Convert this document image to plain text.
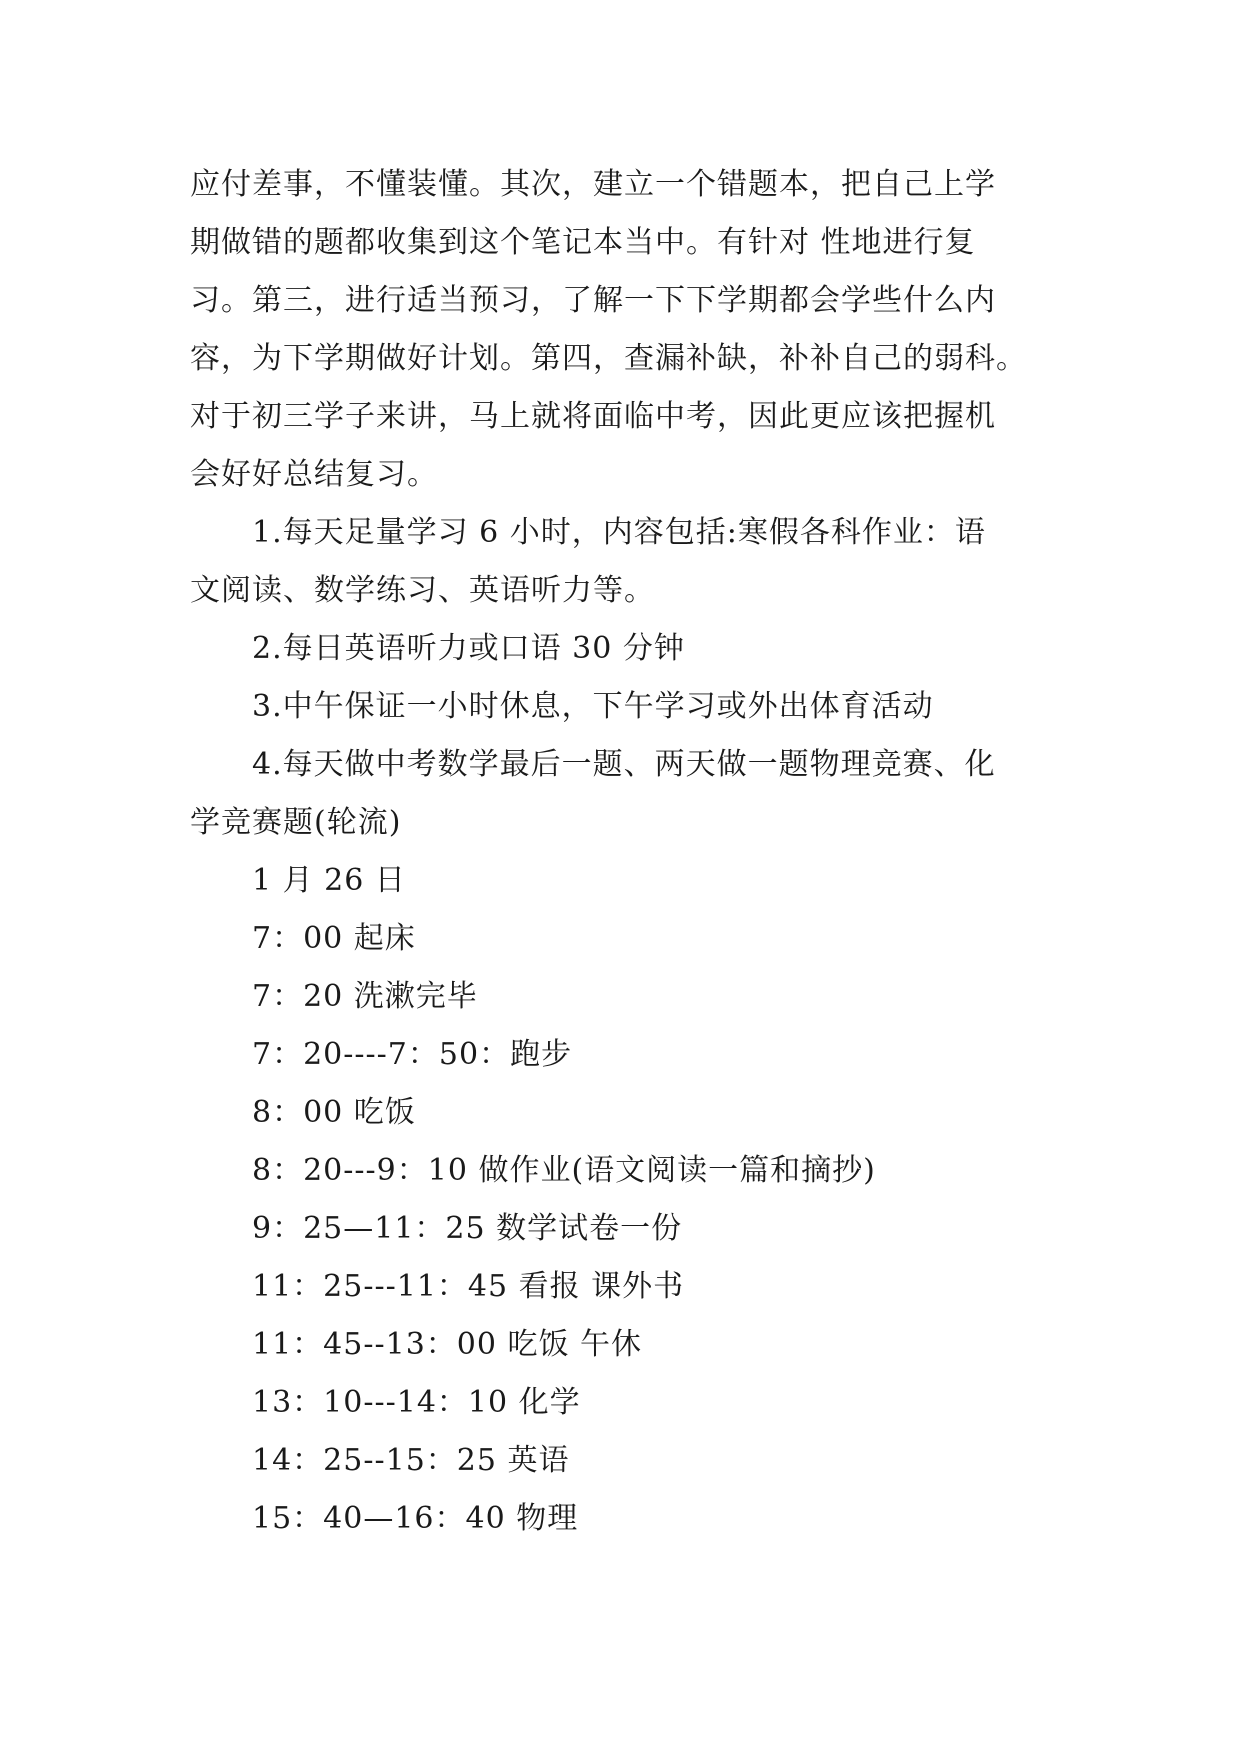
应付差事，不懂装懂。其次，建立一个错题本，把自己上学
期做错的题都收集到这个笔记本当中。有针对 性地进行复
习。第三，进行适当预习，了解一下下学期都会学些什么内
容，为下学期做好计划。第四，查漏补缺，补补自己的弱科。
对于初三学子来讲，马上就将面临中考，因此更应该把握机
会好好总结复习。
1.每天足量学习 6 小时，内容包括:寒假各科作业：语
文阅读、数学练习、英语听力等。
2.每日英语听力或口语 30 分钟
3.中午保证一小时休息，下午学习或外出体育活动
4.每天做中考数学最后一题、两天做一题物理竞赛、化
学竞赛题(轮流)
1 月 26 日
7：00 起床
7：20 洗漱完毕
7：20----7：50：跑步
8：00 吃饭
8：20---9：10 做作业(语文阅读一篇和摘抄)
9：25—11：25 数学试卷一份
11：25---11：45 看报 课外书
11：45--13：00 吃饭 午休
13：10---14：10 化学
14：25--15：25 英语
15：40—16：40 物理
